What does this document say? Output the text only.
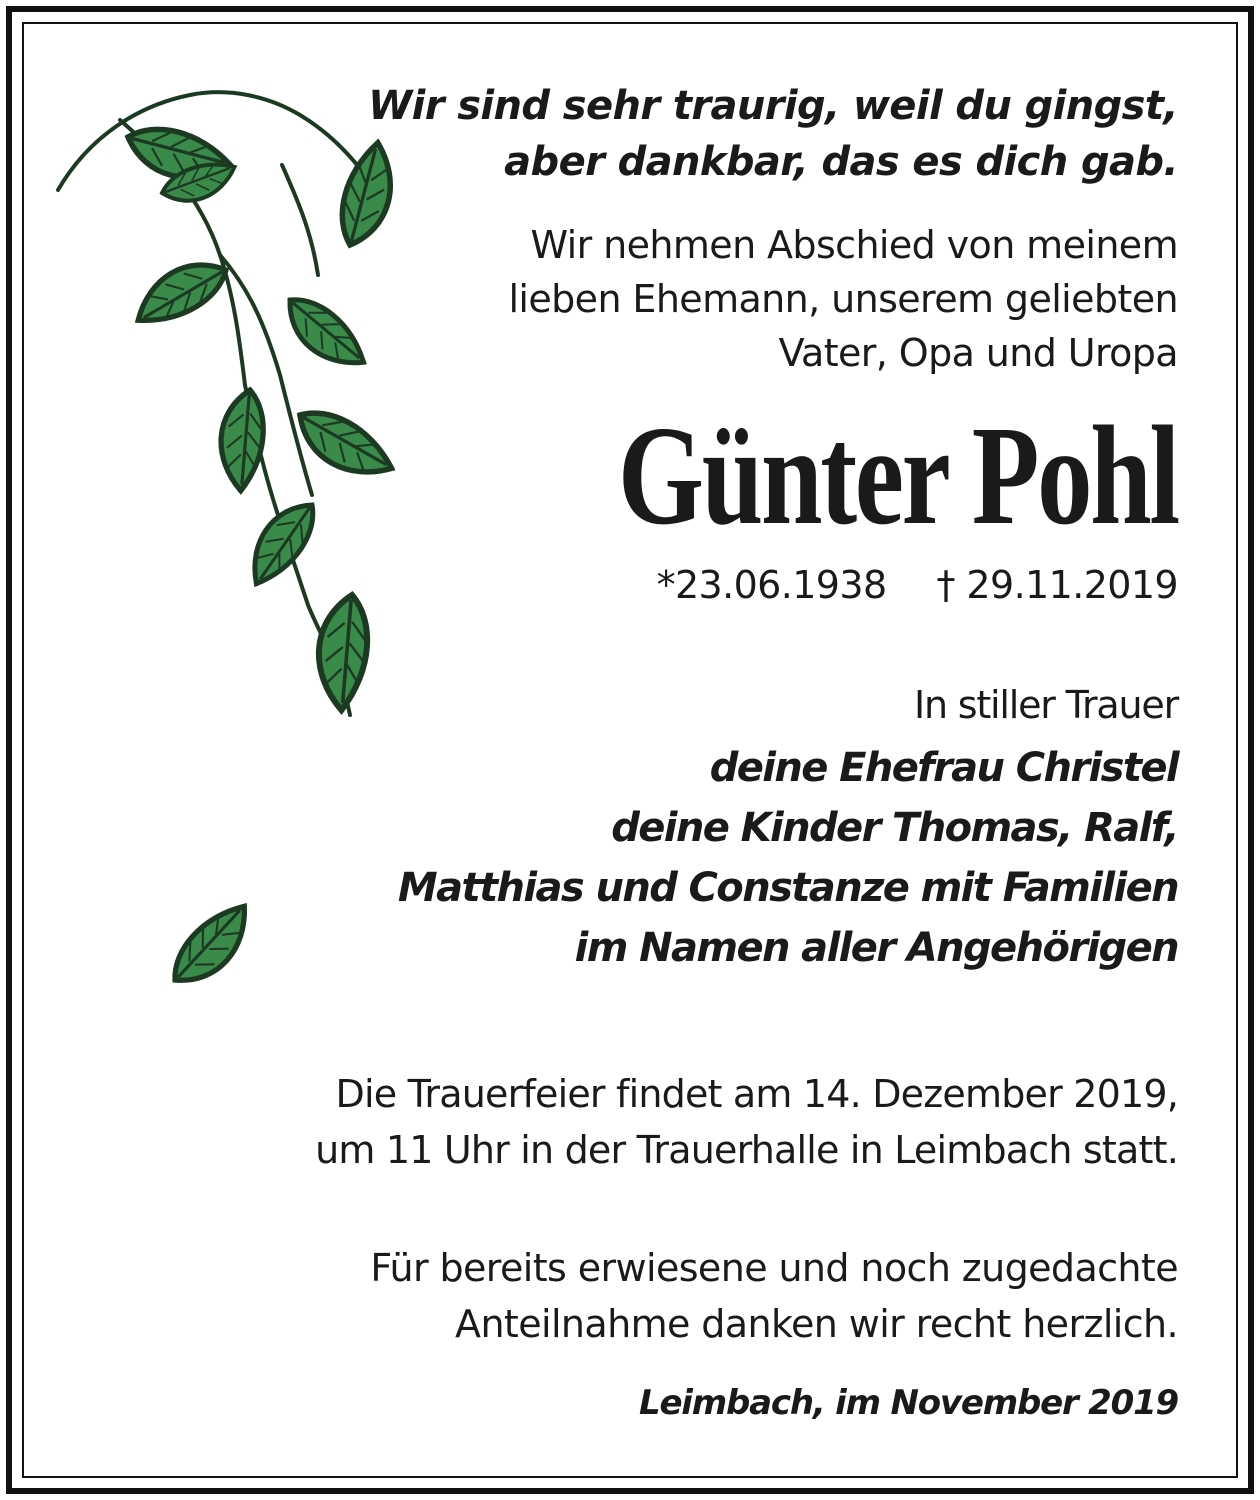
Wir sind sehr traurig, weil du gingst,
aber dankbar, das es dich gab.
Wir nehmen Abschied von meinem
lieben Ehemann, unserem geliebten
Vater, Opa und Uropa
Günter Pohl
*23.06.1938 † 29.11.2019
In stiller Trauer
deine Ehefrau Christel
deine Kinder Thomas, Ralf,
Matthias und Constanze mit Familien
im Namen aller Angehörigen
Die Trauerfeier findet am 14. Dezember 2019,
um 11 Uhr in der Trauerhalle in Leimbach statt.
Für bereits erwiesene und noch zugedachte
Anteilnahme danken wir recht herzlich.
Leimbach, im November 2019
